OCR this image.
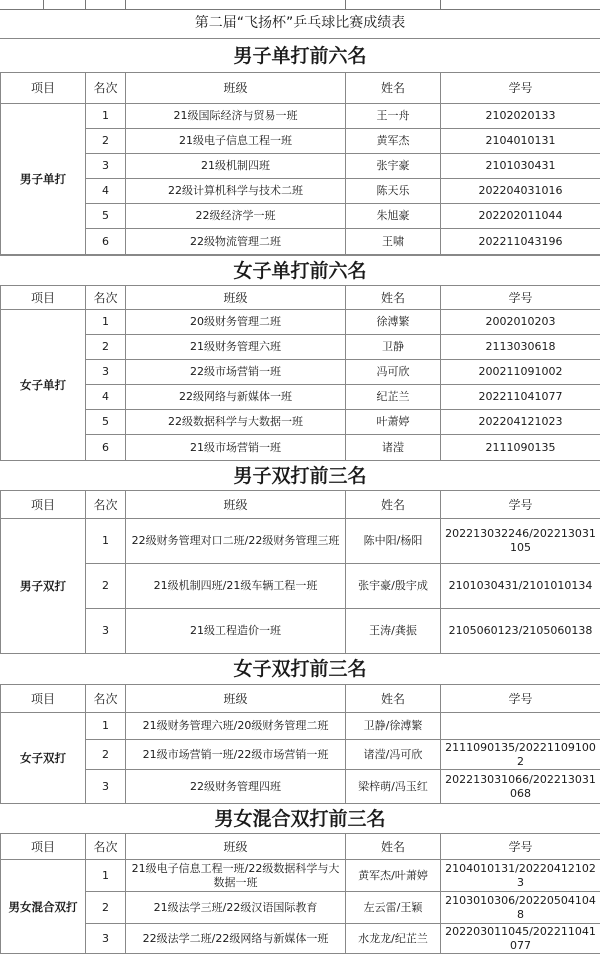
第二届“飞扬杯”乒乓球比赛成绩表
男子单打前六名
项目	名次	班级	姓名	学号
男子单打	1	21级国际经济与贸易一班	王一舟	2102020133
	2	21级电子信息工程一班	黄军杰	2104010131
	3	21级机制四班	张宇豪	2101030431
	4	22级计算机科学与技术二班	陈天乐	202204031016
	5	22级经济学一班	朱旭豪	202202011044
	6	22级物流管理二班	王啸	202211043196
女子单打前六名
项目	名次	班级	姓名	学号
女子单打	1	20级财务管理二班	徐溥繁	2002010203
	2	21级财务管理六班	卫静	2113030618
	3	22级市场营销一班	冯可欣	200211091002
	4	22级网络与新媒体一班	纪芷兰	202211041077
	5	22级数据科学与大数据一班	叶萧婷	202204121023
	6	21级市场营销一班	诸滢	2111090135
男子双打前三名
项目	名次	班级	姓名	学号
男子双打	1	22级财务管理对口二班/22级财务管理三班	陈中阳/杨阳	202213032246/202213031105
	2	21级机制四班/21级车辆工程一班	张宇豪/殷宇成	2101030431/2101010134
	3	21级工程造价一班	王涛/龚振	2105060123/2105060138
女子双打前三名
项目	名次	班级	姓名	学号
女子双打	1	21级财务管理六班/20级财务管理二班	卫静/徐溥繁	
	2	21级市场营销一班/22级市场营销一班	诸滢/冯可欣	2111090135/202211091002
	3	22级财务管理四班	梁梓萌/冯玉红	202213031066/202213031068
男女混合双打前三名
项目	名次	班级	姓名	学号
男女混合双打	1	21级电子信息工程一班/22级数据科学与大数据一班	黄军杰/叶萧婷	2104010131/202204121023
	2	21级法学三班/22级汉语国际教育	左云雷/王颖	2103010306/202205041048
	3	22级法学二班/22级网络与新媒体一班	水龙龙/纪芷兰	202203011045/202211041077
